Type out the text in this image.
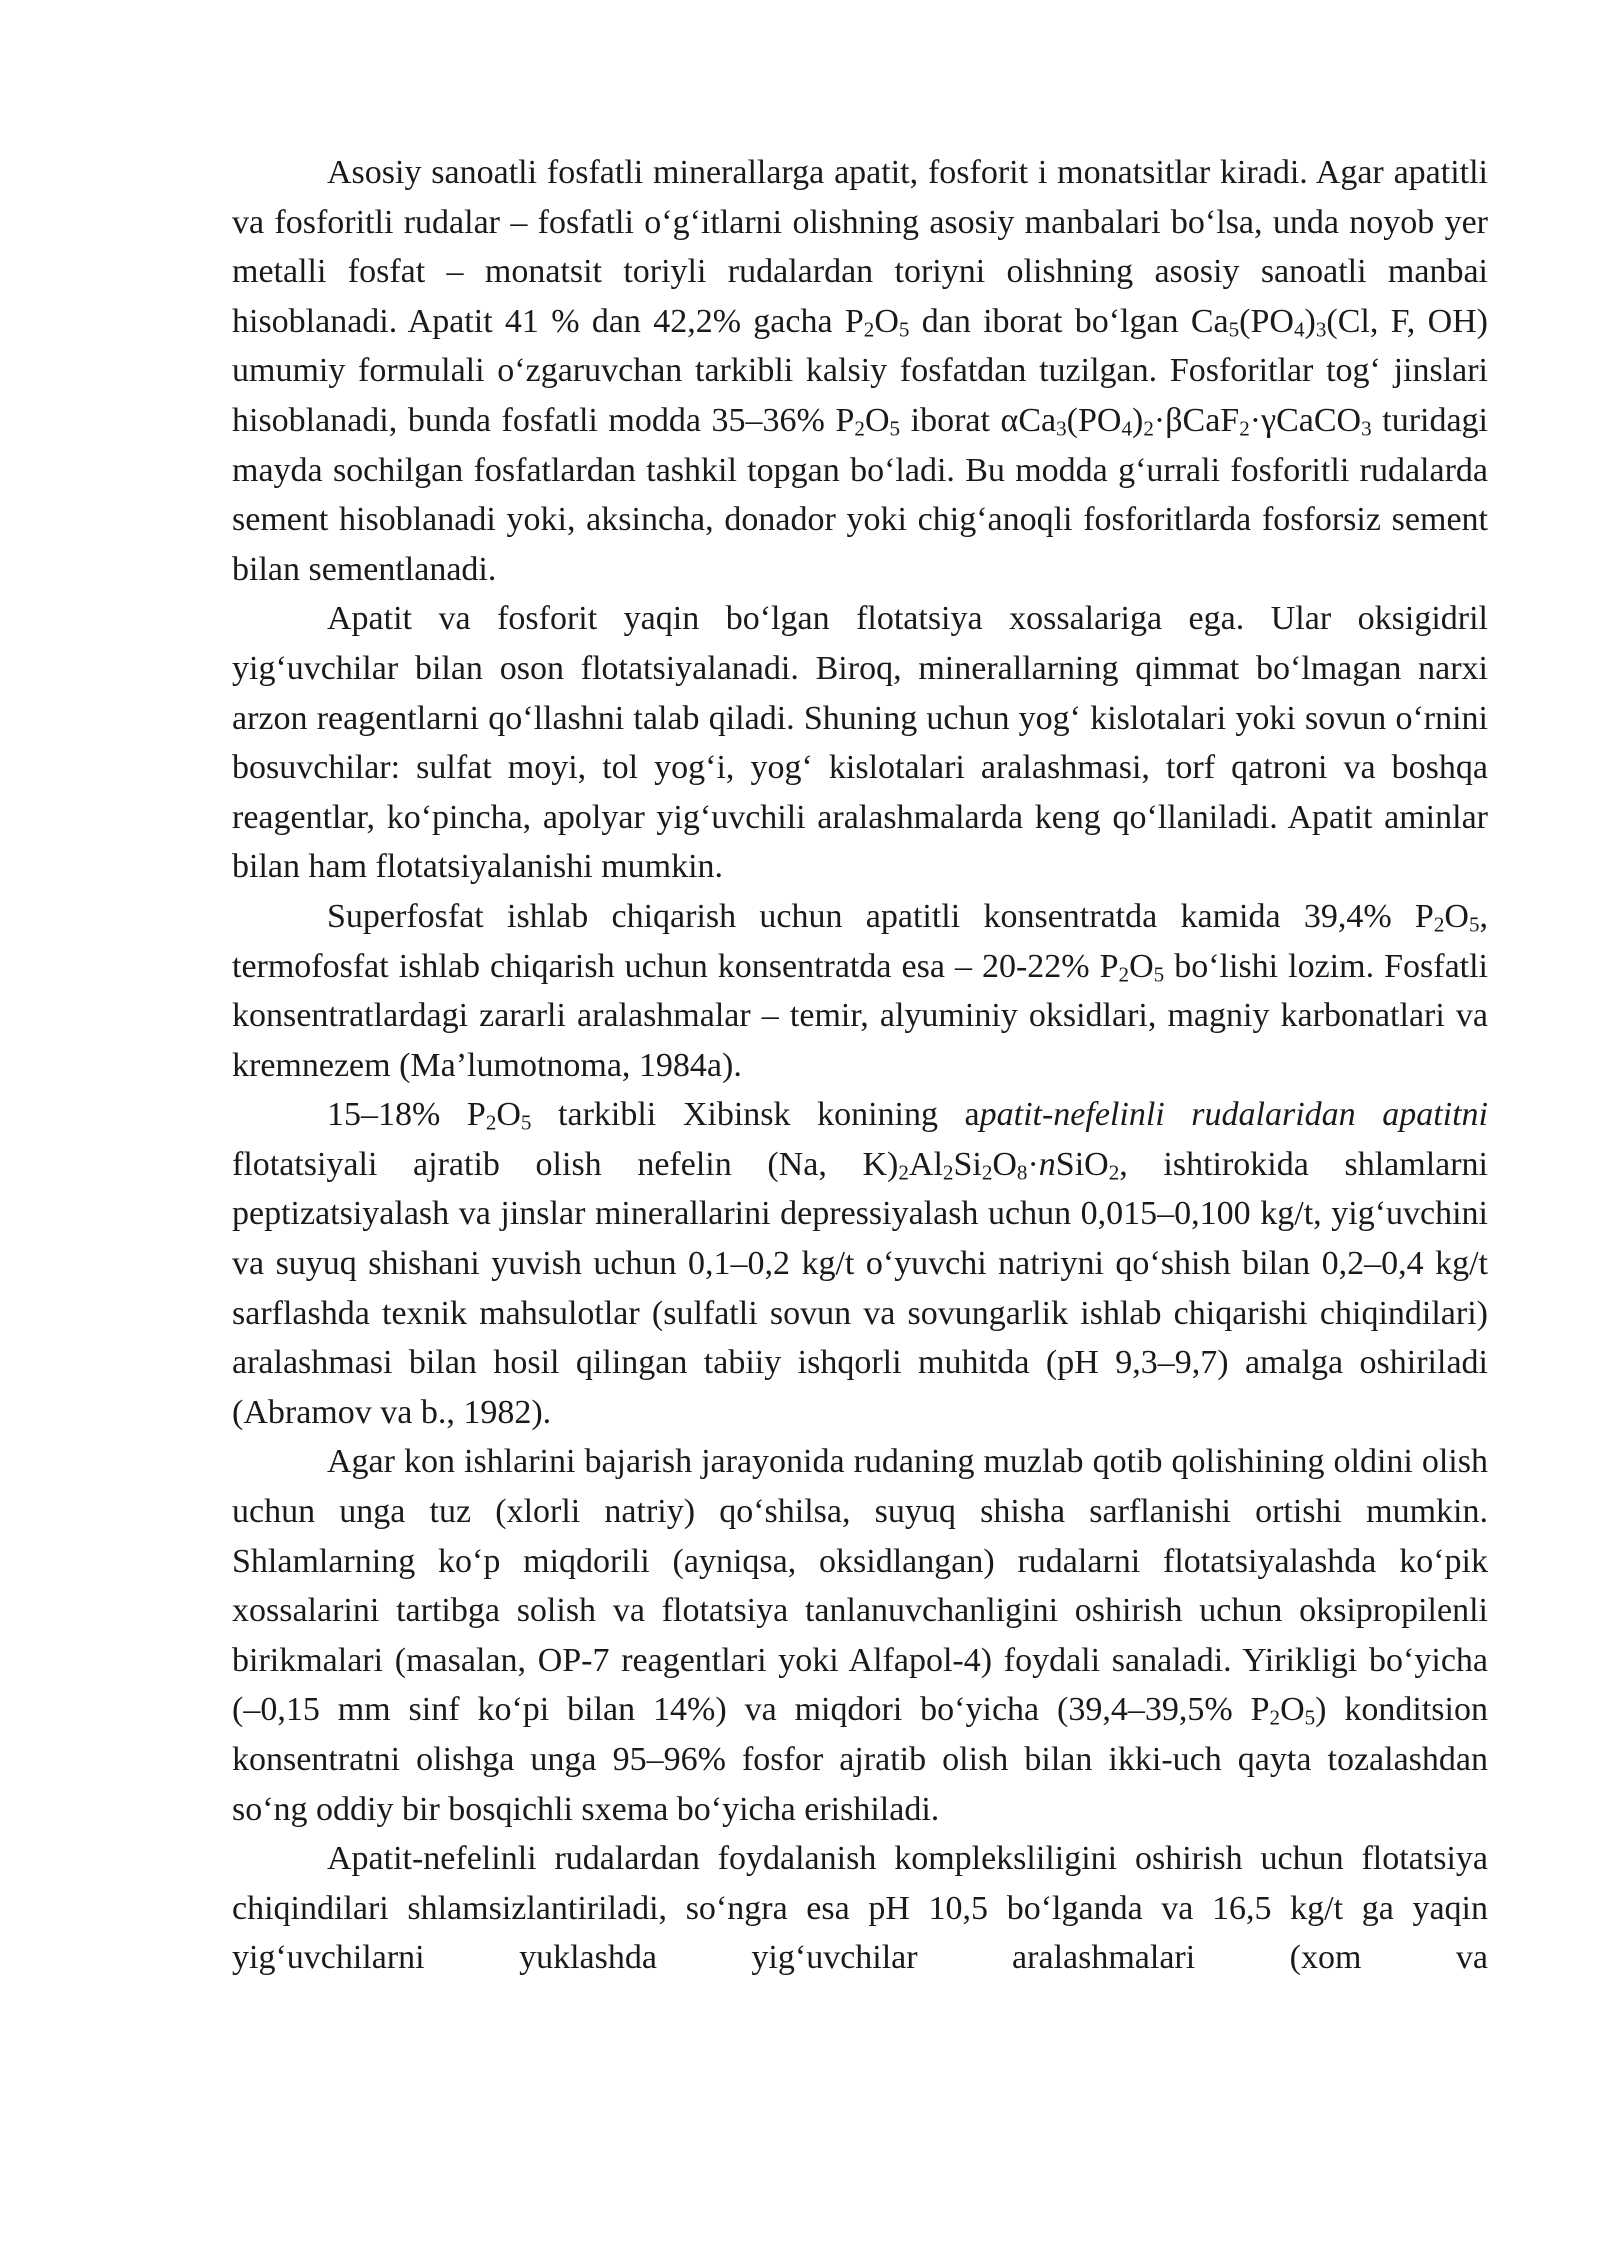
Asosiy sanoatli fosfatli minerallarga apatit, fosforit i monatsitlar kiradi. Agar apatitli va fosforitli rudalar – fosfatli o‘g‘itlarni olishning asosiy manbalari bo‘lsa, unda noyob yer metalli fosfat – monatsit toriyli rudalardan toriyni olishning asosiy sanoatli manbai hisoblanadi. Apatit 41 % dan 42,2% gacha $P_2O_5$ dan iborat bo‘lgan $Ca_5(PO_4)_3(Cl$, F, OH) umumiy formulali o‘zgaruvchan tarkibli kalsiy fosfatdan tuzilgan. Fosforitlar tog‘ jinslari hisoblanadi, bunda fosfatli modda 35–36% $P_2O_5$ iborat $\alpha Ca_3(PO_4)_2\cdot\beta CaF_2\cdot\gamma CaCO_3$ turidagi mayda sochilgan fosfatlardan tashkil topgan bo‘ladi. Bu modda g‘urrali fosforitli rudalarda sement hisoblanadi yoki, aksincha, donador yoki chig‘anoqli fosforitlarda fosforsiz sement bilan sementlanadi.

Apatit va fosforit yaqin bo‘lgan flotatsiya xossalariga ega. Ular oksigidril yig‘uvchilar bilan oson flotatsiyalanadi. Biroq, minerallarning qimmat bo‘lmagan narxi arzon reagentlarni qo‘llashni talab qiladi. Shuning uchun yog‘ kislotalari yoki sovun o‘rnini bosuvchilar: sulfat moyi, tol yog‘i, yog‘ kislotalari aralashmasi, torf qatroni va boshqa reagentlar, ko‘pincha, apolyar yig‘uvchili aralashmalarda keng qo‘llaniladi. Apatit aminlar bilan ham flotatsiyalanishi mumkin.

Superfosfat ishlab chiqarish uchun apatitli konsentratda kamida 39,4% $P_2O_5$, termofosfat ishlab chiqarish uchun konsentratda esa – 20-22% $P_2O_5$ bo‘lishi lozim. Fosfatli konsentratlardagi zararli aralashmalar – temir, alyuminiy oksidlari, magniy karbonatlari va kremnezem (Ma’lumotnoma, 1984a).

15–18% $P_2O_5$ tarkibli Xibinsk konining apatit-nefelinli rudalaridan apatitni flotatsiyali ajratib olish nefelin (Na, $K)_2Al_2Si_2O_8\cdot nSiO_2$, ishtirokida shlamlarni peptizatsiyalash va jinslar minerallarini depressiyalash uchun 0,015–0,100 kg/t, yig‘uvchini va suyuq shishani yuvish uchun 0,1–0,2 kg/t o‘yuvchi natriyni qo‘shish bilan 0,2–0,4 kg/t sarflashda texnik mahsulotlar (sulfatli sovun va sovungarlik ishlab chiqarishi chiqindilari) aralashmasi bilan hosil qilingan tabiiy ishqorli muhitda (pH 9,3–9,7) amalga oshiriladi (Abramov va b., 1982).

Agar kon ishlarini bajarish jarayonida rudaning muzlab qotib qolishining oldini olish uchun unga tuz (xlorli natriy) qo‘shilsa, suyuq shisha sarflanishi ortishi mumkin. Shlamlarning ko‘p miqdorili (ayniqsa, oksidlangan) rudalarni flotatsiyalashda ko‘pik xossalarini tartibga solish va flotatsiya tanlanuvchanligini oshirish uchun oksipropilenli birikmalari (masalan, OP-7 reagentlari yoki Alfapol-4) foydali sanaladi. Yirikligi bo‘yicha (–0,15 mm sinf ko‘pi bilan 14%) va miqdori bo‘yicha (39,4–39,5% $P_2O_5$) konditsion konsentratni olishga unga 95–96% fosfor ajratib olish bilan ikki-uch qayta tozalashdan so‘ng oddiy bir bosqichli sxema bo‘yicha erishiladi.

Apatit-nefelinli rudalardan foydalanish kompleksliligini oshirish uchun flotatsiya chiqindilari shlamsizlantiriladi, so‘ngra esa pH 10,5 bo‘lganda va 16,5 kg/t ga yaqin yig‘uvchilarni yuklashda yig‘uvchilar aralashmalari (xom va
